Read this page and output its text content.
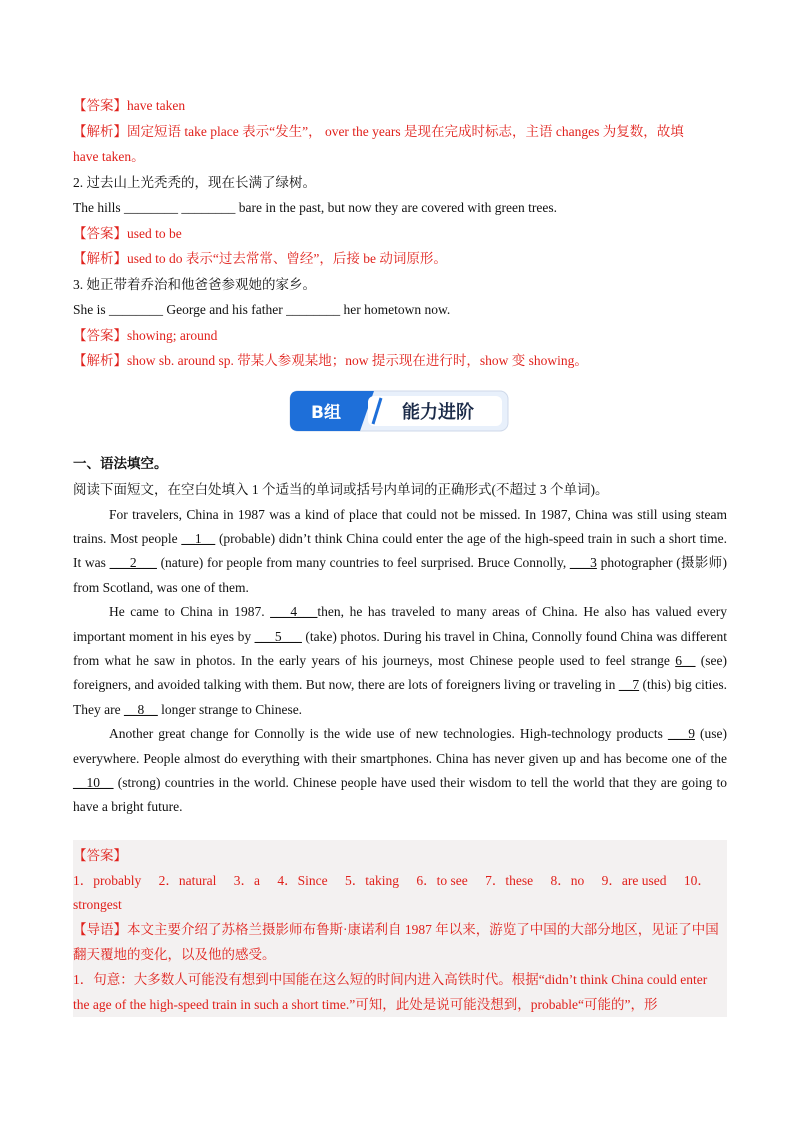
【答案】have taken
【解析】固定短语 take place 表示“发生”， over the years 是现在完成时标志，主语 changes 为复数，故填
have taken。
2. 过去山上光秃秃的，现在长满了绿树。
The hills ________ ________ bare in the past, but now they are covered with green trees.
【答案】used to be
【解析】used to do 表示“过去常常、曾经”，后接 be 动词原形。
3. 她正带着乔治和他爸爸参观她的家乡。
She is ________ George and his father ________ her hometown now.
【答案】showing; around
【解析】show sb. around sp. 带某人参观某地；now 提示现在进行时，show 变 showing。
B组	能力进阶
一、语法填空。
阅读下面短文，在空白处填入 1 个适当的单词或括号内单词的正确形式(不超过 3 个单词)。
For travelers, China in 1987 was a kind of place that could not be missed. In 1987, China was still using steam trains. Most people __1__ (probable) didn’t think China could enter the age of the high-speed train in such a short time. It was ___2___ (nature) for people from many countries to feel surprised. Bruce Connolly, ___3 photographer (摄影师) from Scotland, was one of them.
He came to China in 1987. ___4___then, he has traveled to many areas of China. He also has valued every important moment in his eyes by ___5___ (take) photos. During his travel in China, Connolly found China was different from what he saw in photos. In the early years of his journeys, most Chinese people used to feel strange 6__ (see) foreigners, and avoided talking with them. But now, there are lots of foreigners living or traveling in __7 (this) big cities. They are __8__ longer strange to Chinese.
Another great change for Connolly is the wide use of new technologies. High-technology products ___9 (use) everywhere. People almost do everything with their smartphones. China has never given up and has become one of the __10__ (strong) countries in the world. Chinese people have used their wisdom to tell the world that they are going to have a bright future.
【答案】
1．probably 2．natural 3．a 4．Since 5．taking 6．to see 7．these 8．no 9．are used 10．strongest
【导语】本文主要介绍了苏格兰摄影师布鲁斯·康诺利自 1987 年以来，游览了中国的大部分地区，见证了中国翻天覆地的变化，以及他的感受。
1．句意：大多数人可能没有想到中国能在这么短的时间内进入高铁时代。根据“didn’t think China could enter the age of the high-speed train in such a short time.”可知，此处是说可能没想到，probable“可能的”，形
